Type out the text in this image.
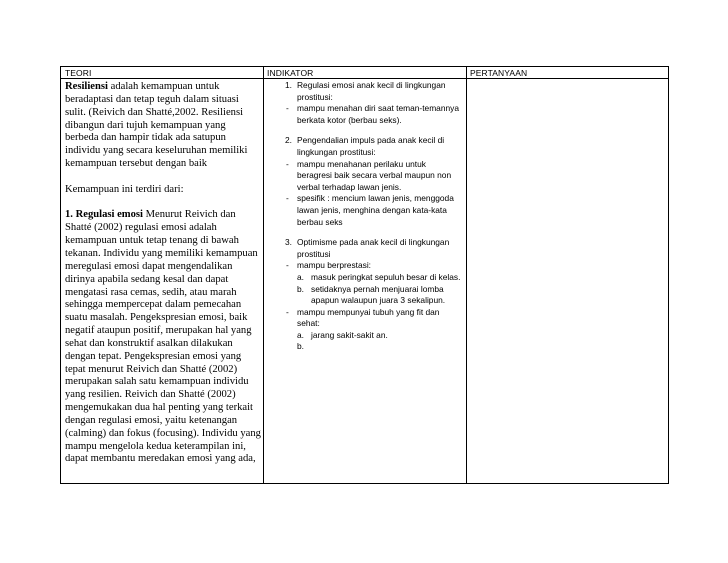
TEORI	INDIKATOR	PERTANYAAN

Resiliensi adalah kemampuan untuk beradaptasi dan tetap teguh dalam situasi sulit. (Reivich dan Shatté,2002. Resiliensi dibangun dari tujuh kemampuan yang berbeda dan hampir tidak ada satupun individu yang secara keseluruhan memiliki kemampuan tersebut dengan baik

Kemampuan ini terdiri dari:

1. Regulasi emosi Menurut Reivich dan Shatté (2002) regulasi emosi adalah kemampuan untuk tetap tenang di bawah tekanan. Individu yang memiliki kemampuan meregulasi emosi dapat mengendalikan dirinya apabila sedang kesal dan dapat mengatasi rasa cemas, sedih, atau marah sehingga mempercepat dalam pemecahan suatu masalah. Pengekspresian emosi, baik negatif ataupun positif, merupakan hal yang sehat dan konstruktif asalkan dilakukan dengan tepat. Pengekspresian emosi yang tepat menurut Reivich dan Shatté (2002) merupakan salah satu kemampuan individu yang resilien. Reivich dan Shatté (2002) mengemukakan dua hal penting yang terkait dengan regulasi emosi, yaitu ketenangan (calming) dan fokus (focusing). Individu yang mampu mengelola kedua keterampilan ini, dapat membantu meredakan emosi yang ada,

1. Regulasi emosi anak kecil di lingkungan prostitusi:
- mampu menahan diri saat teman-temannya berkata kotor (berbau seks).
2. Pengendalian impuls pada anak kecil di lingkungan prostitusi:
- mampu menahanan perilaku untuk beragresi baik secara verbal maupun non verbal terhadap lawan jenis.
- spesifik : mencium lawan jenis, menggoda lawan jenis, menghina dengan kata-kata berbau seks
3. Optimisme pada anak kecil di lingkungan prostitusi
- mampu berprestasi:
a. masuk peringkat sepuluh besar di kelas.
b. setidaknya pernah menjuarai lomba apapun walaupun juara 3 sekalipun.
- mampu mempunyai tubuh yang fit dan sehat:
a. jarang sakit-sakit an.
b.
